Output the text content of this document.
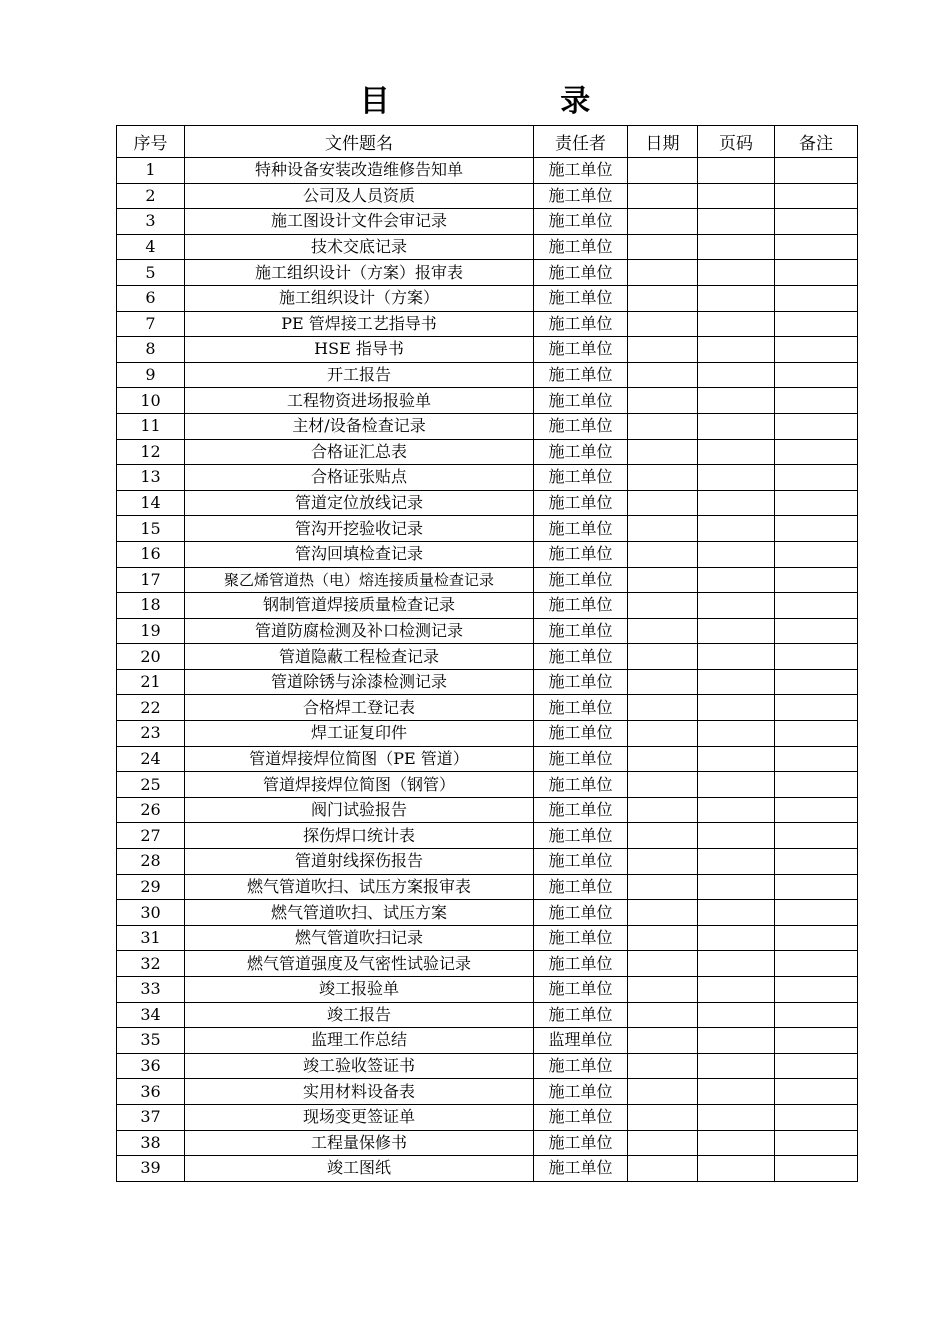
目 录
序号	文件题名	责任者	日期	页码	备注
1	特种设备安装改造维修告知单	施工单位			
2	公司及人员资质	施工单位			
3	施工图设计文件会审记录	施工单位			
4	技术交底记录	施工单位			
5	施工组织设计（方案）报审表	施工单位			
6	施工组织设计（方案）	施工单位			
7	PE 管焊接工艺指导书	施工单位			
8	HSE 指导书	施工单位			
9	开工报告	施工单位			
10	工程物资进场报验单	施工单位			
11	主材/设备检查记录	施工单位			
12	合格证汇总表	施工单位			
13	合格证张贴点	施工单位			
14	管道定位放线记录	施工单位			
15	管沟开挖验收记录	施工单位			
16	管沟回填检查记录	施工单位			
17	聚乙烯管道热（电）熔连接质量检查记录	施工单位			
18	钢制管道焊接质量检查记录	施工单位			
19	管道防腐检测及补口检测记录	施工单位			
20	管道隐蔽工程检查记录	施工单位			
21	管道除锈与涂漆检测记录	施工单位			
22	合格焊工登记表	施工单位			
23	焊工证复印件	施工单位			
24	管道焊接焊位简图（PE 管道）	施工单位			
25	管道焊接焊位简图（钢管）	施工单位			
26	阀门试验报告	施工单位			
27	探伤焊口统计表	施工单位			
28	管道射线探伤报告	施工单位			
29	燃气管道吹扫、试压方案报审表	施工单位			
30	燃气管道吹扫、试压方案	施工单位			
31	燃气管道吹扫记录	施工单位			
32	燃气管道强度及气密性试验记录	施工单位			
33	竣工报验单	施工单位			
34	竣工报告	施工单位			
35	监理工作总结	监理单位			
36	竣工验收签证书	施工单位			
36	实用材料设备表	施工单位			
37	现场变更签证单	施工单位			
38	工程量保修书	施工单位			
39	竣工图纸	施工单位			
